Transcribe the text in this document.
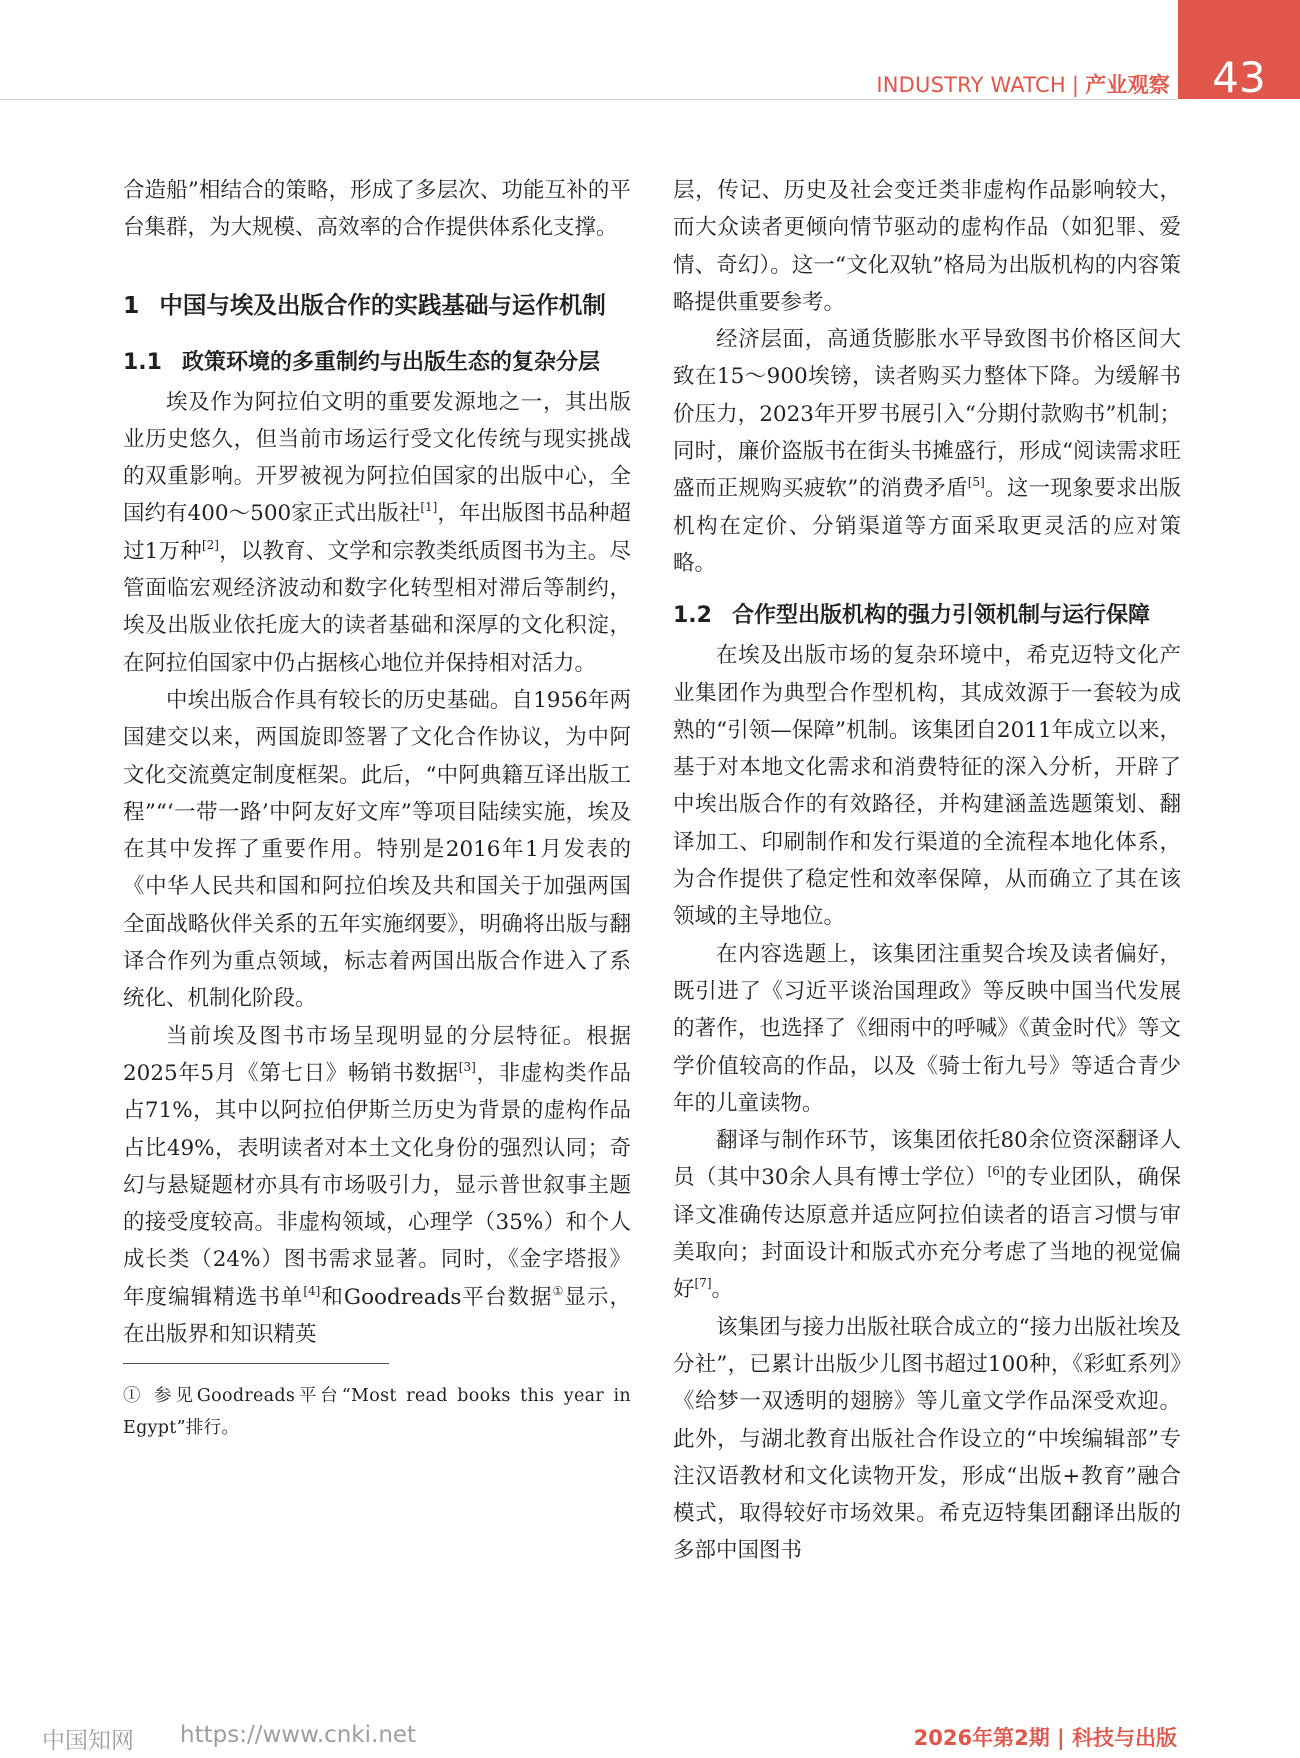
INDUSTRY WATCH | 产业观察 43

合造船”相结合的策略，形成了多层次、功能互补的平台集群，为大规模、高效率的合作提供体系化支撑。

1 中国与埃及出版合作的实践基础与运作机制

1.1 政策环境的多重制约与出版生态的复杂分层

埃及作为阿拉伯文明的重要发源地之一，其出版业历史悠久，但当前市场运行受文化传统与现实挑战的双重影响。开罗被视为阿拉伯国家的出版中心，全国约有400～500家正式出版社[1]，年出版图书品种超过1万种[2]，以教育、文学和宗教类纸质图书为主。尽管面临宏观经济波动和数字化转型相对滞后等制约，埃及出版业依托庞大的读者基础和深厚的文化积淀，在阿拉伯国家中仍占据核心地位并保持相对活力。

中埃出版合作具有较长的历史基础。自1956年两国建交以来，两国旋即签署了文化合作协议，为中阿文化交流奠定制度框架。此后，“中阿典籍互译出版工程”“‘一带一路’中阿友好文库”等项目陆续实施，埃及在其中发挥了重要作用。特别是2016年1月发表的《中华人民共和国和阿拉伯埃及共和国关于加强两国全面战略伙伴关系的五年实施纲要》，明确将出版与翻译合作列为重点领域，标志着两国出版合作进入了系统化、机制化阶段。

当前埃及图书市场呈现明显的分层特征。根据2025年5月《第七日》畅销书数据[3]，非虚构类作品占71%，其中以阿拉伯伊斯兰历史为背景的虚构作品占比49%，表明读者对本土文化身份的强烈认同；奇幻与悬疑题材亦具有市场吸引力，显示普世叙事主题的接受度较高。非虚构领域，心理学（35%）和个人成长类（24%）图书需求显著。同时，《金字塔报》年度编辑精选书单[4]和Goodreads平台数据①显示，在出版界和知识精英

① 参见Goodreads平台“Most read books this year in Egypt”排行。

层，传记、历史及社会变迁类非虚构作品影响较大，而大众读者更倾向情节驱动的虚构作品（如犯罪、爱情、奇幻）。这一“文化双轨”格局为出版机构的内容策略提供重要参考。

经济层面，高通货膨胀水平导致图书价格区间大致在15～900埃镑，读者购买力整体下降。为缓解书价压力，2023年开罗书展引入“分期付款购书”机制；同时，廉价盗版书在街头书摊盛行，形成“阅读需求旺盛而正规购买疲软”的消费矛盾[5]。这一现象要求出版机构在定价、分销渠道等方面采取更灵活的应对策略。

1.2 合作型出版机构的强力引领机制与运行保障

在埃及出版市场的复杂环境中，希克迈特文化产业集团作为典型合作型机构，其成效源于一套较为成熟的“引领—保障”机制。该集团自2011年成立以来，基于对本地文化需求和消费特征的深入分析，开辟了中埃出版合作的有效路径，并构建涵盖选题策划、翻译加工、印刷制作和发行渠道的全流程本地化体系，为合作提供了稳定性和效率保障，从而确立了其在该领域的主导地位。

在内容选题上，该集团注重契合埃及读者偏好，既引进了《习近平谈治国理政》等反映中国当代发展的著作，也选择了《细雨中的呼喊》《黄金时代》等文学价值较高的作品，以及《骑士衔九号》等适合青少年的儿童读物。

翻译与制作环节，该集团依托80余位资深翻译人员（其中30余人具有博士学位）[6]的专业团队，确保译文准确传达原意并适应阿拉伯读者的语言习惯与审美取向；封面设计和版式亦充分考虑了当地的视觉偏好[7]。

该集团与接力出版社联合成立的“接力出版社埃及分社”，已累计出版少儿图书超过100种，《彩虹系列》《给梦一双透明的翅膀》等儿童文学作品深受欢迎。此外，与湖北教育出版社合作设立的“中埃编辑部”专注汉语教材和文化读物开发，形成“出版+教育”融合模式，取得较好市场效果。希克迈特集团翻译出版的多部中国图书

中国知网 https://www.cnki.net	2026年第2期 | 科技与出版
